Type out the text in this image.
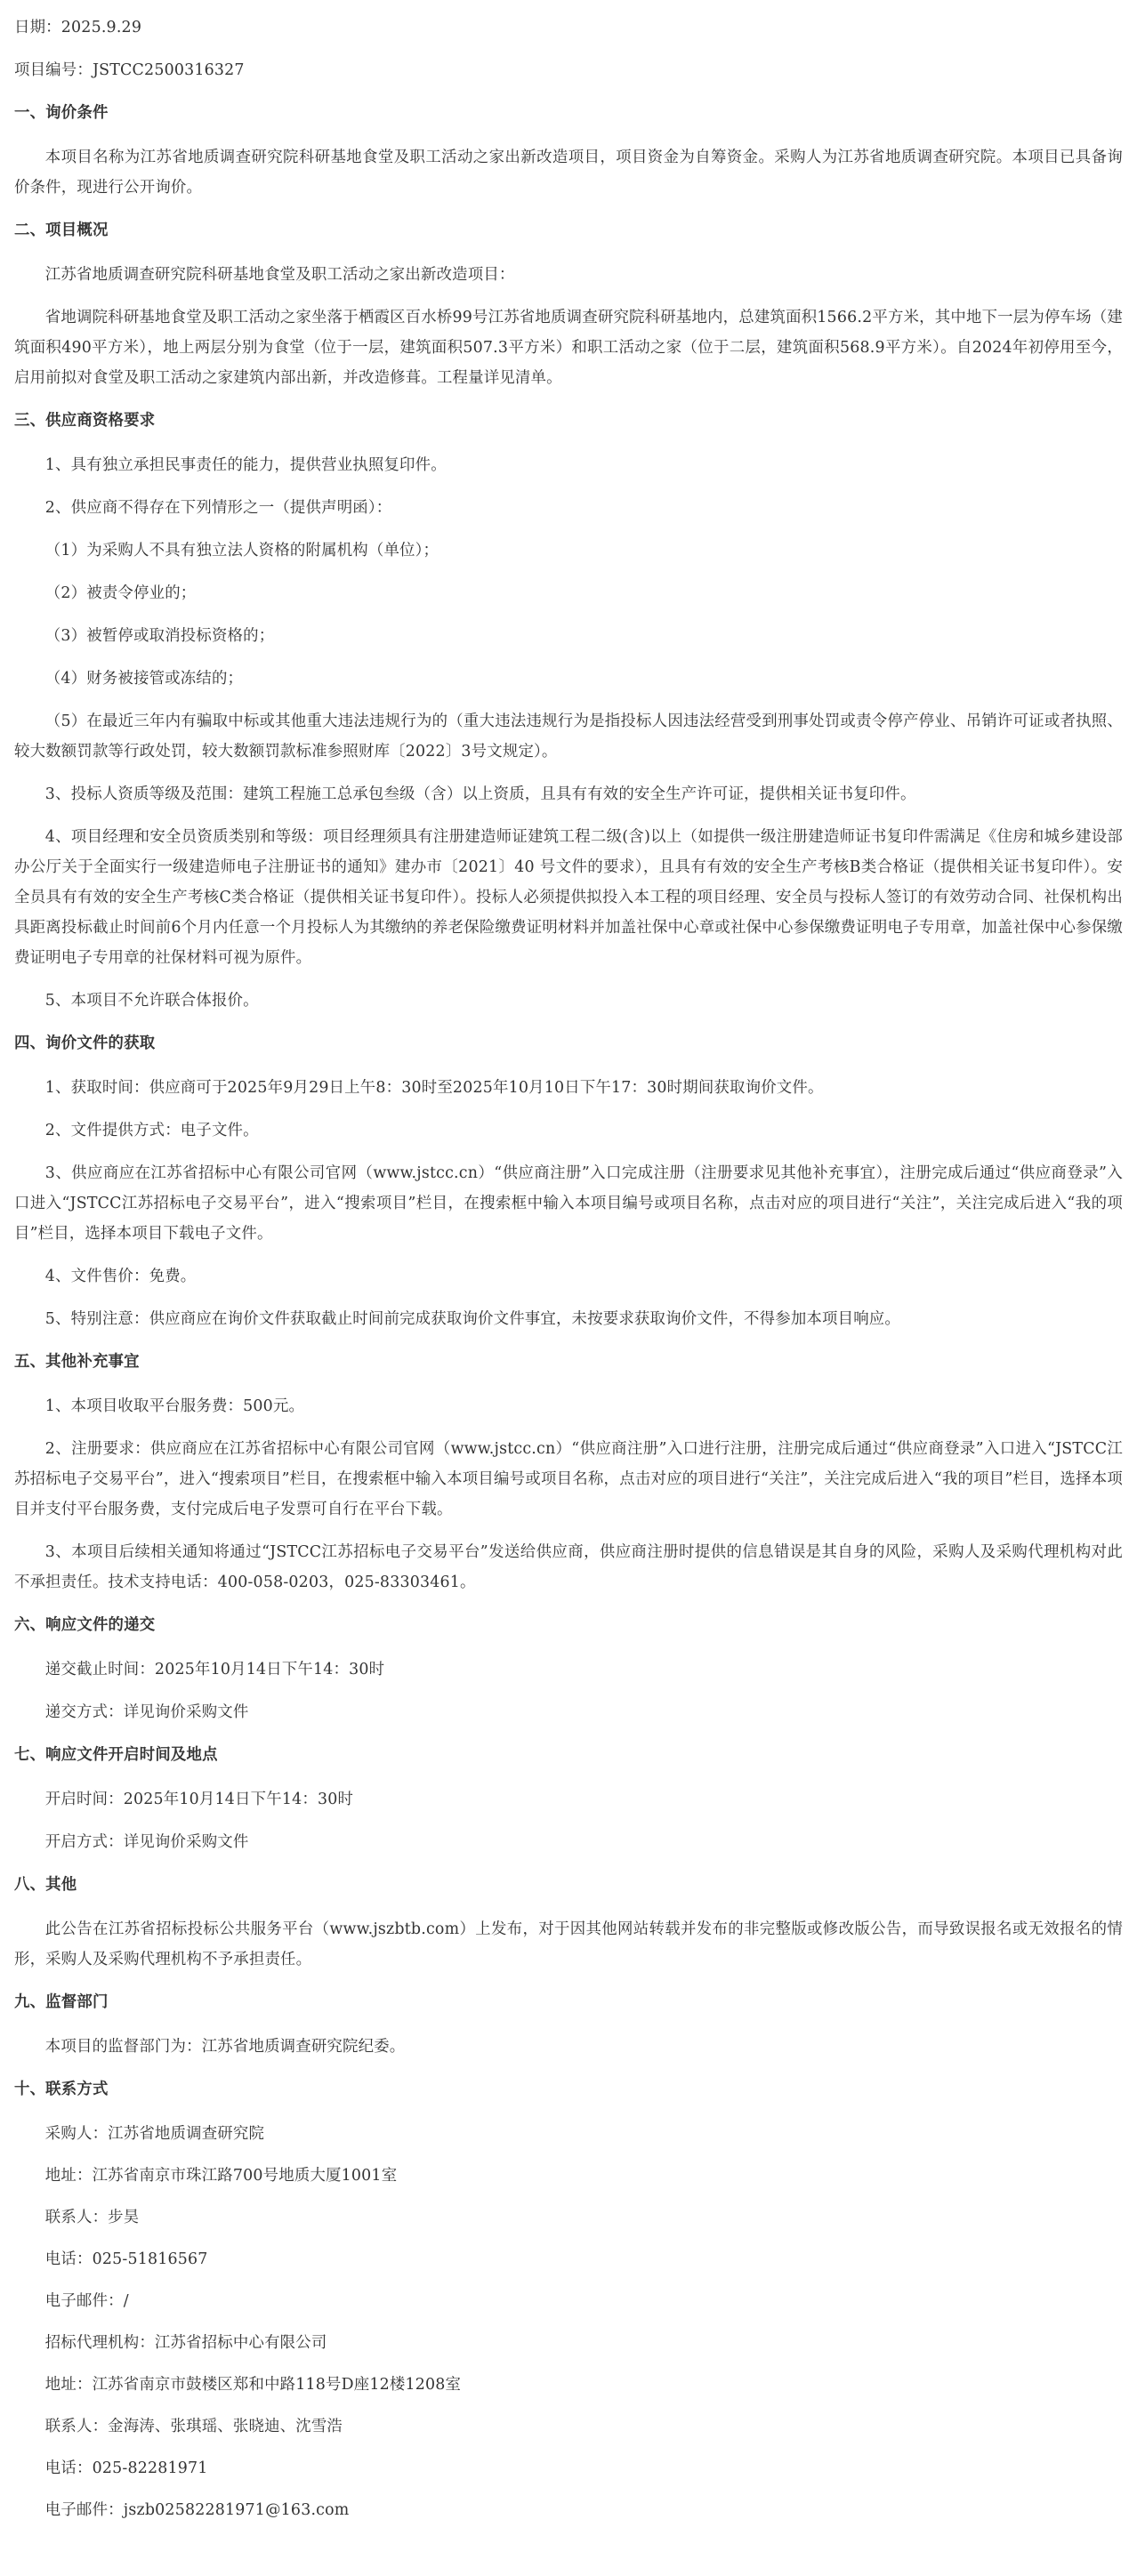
日期：2025.9.29
项目编号：JSTCC2500316327
一、询价条件
本项目名称为江苏省地质调查研究院科研基地食堂及职工活动之家出新改造项目，项目资金为自筹资金。采购人为江苏省地质调查研究院。本项目已具备询价条件，现进行公开询价。
二、项目概况
江苏省地质调查研究院科研基地食堂及职工活动之家出新改造项目：
省地调院科研基地食堂及职工活动之家坐落于栖霞区百水桥99号江苏省地质调查研究院科研基地内，总建筑面积1566.2平方米，其中地下一层为停车场（建筑面积490平方米），地上两层分别为食堂（位于一层，建筑面积507.3平方米）和职工活动之家（位于二层，建筑面积568.9平方米）。自2024年初停用至今，启用前拟对食堂及职工活动之家建筑内部出新，并改造修葺。工程量详见清单。
三、供应商资格要求
1、具有独立承担民事责任的能力，提供营业执照复印件。
2、供应商不得存在下列情形之一（提供声明函）：
（1）为采购人不具有独立法人资格的附属机构（单位）；
（2）被责令停业的；
（3）被暂停或取消投标资格的；
（4）财务被接管或冻结的；
（5）在最近三年内有骗取中标或其他重大违法违规行为的（重大违法违规行为是指投标人因违法经营受到刑事处罚或责令停产停业、吊销许可证或者执照、较大数额罚款等行政处罚，较大数额罚款标准参照财库〔2022〕3号文规定）。
3、投标人资质等级及范围：建筑工程施工总承包叁级（含）以上资质，且具有有效的安全生产许可证，提供相关证书复印件。
4、项目经理和安全员资质类别和等级：项目经理须具有注册建造师证建筑工程二级(含)以上（如提供一级注册建造师证书复印件需满足《住房和城乡建设部办公厅关于全面实行一级建造师电子注册证书的通知》建办市〔2021〕40 号文件的要求），且具有有效的安全生产考核B类合格证（提供相关证书复印件）。安全员具有有效的安全生产考核C类合格证（提供相关证书复印件）。投标人必须提供拟投入本工程的项目经理、安全员与投标人签订的有效劳动合同、社保机构出具距离投标截止时间前6个月内任意一个月投标人为其缴纳的养老保险缴费证明材料并加盖社保中心章或社保中心参保缴费证明电子专用章，加盖社保中心参保缴费证明电子专用章的社保材料可视为原件。
5、本项目不允许联合体报价。
四、询价文件的获取
1、获取时间：供应商可于2025年9月29日上午8：30时至2025年10月10日下午17：30时期间获取询价文件。
2、文件提供方式：电子文件。
3、供应商应在江苏省招标中心有限公司官网（www.jstcc.cn）“供应商注册”入口完成注册（注册要求见其他补充事宜），注册完成后通过“供应商登录”入口进入“JSTCC江苏招标电子交易平台”，进入“搜索项目”栏目，在搜索框中输入本项目编号或项目名称，点击对应的项目进行“关注”，关注完成后进入“我的项目”栏目，选择本项目下载电子文件。
4、文件售价：免费。
5、特别注意：供应商应在询价文件获取截止时间前完成获取询价文件事宜，未按要求获取询价文件，不得参加本项目响应。
五、其他补充事宜
1、本项目收取平台服务费：500元。
2、注册要求：供应商应在江苏省招标中心有限公司官网（www.jstcc.cn）“供应商注册”入口进行注册，注册完成后通过“供应商登录”入口进入“JSTCC江苏招标电子交易平台”，进入“搜索项目”栏目，在搜索框中输入本项目编号或项目名称，点击对应的项目进行“关注”，关注完成后进入“我的项目”栏目，选择本项目并支付平台服务费，支付完成后电子发票可自行在平台下载。
3、本项目后续相关通知将通过“JSTCC江苏招标电子交易平台”发送给供应商，供应商注册时提供的信息错误是其自身的风险，采购人及采购代理机构对此不承担责任。技术支持电话：400-058-0203，025-83303461。
六、响应文件的递交
递交截止时间：2025年10月14日下午14：30时
递交方式：详见询价采购文件
七、响应文件开启时间及地点
开启时间：2025年10月14日下午14：30时
开启方式：详见询价采购文件
八、其他
此公告在江苏省招标投标公共服务平台（www.jszbtb.com）上发布，对于因其他网站转载并发布的非完整版或修改版公告，而导致误报名或无效报名的情形，采购人及采购代理机构不予承担责任。
九、监督部门
本项目的监督部门为：江苏省地质调查研究院纪委。
十、联系方式
采购人：江苏省地质调查研究院
地址：江苏省南京市珠江路700号地质大厦1001室
联系人：步昊
电话：025-51816567
电子邮件：/
招标代理机构：江苏省招标中心有限公司
地址：江苏省南京市鼓楼区郑和中路118号D座12楼1208室
联系人：金海涛、张琪瑶、张晓迪、沈雪浩
电话：025-82281971
电子邮件：jszb02582281971@163.com
